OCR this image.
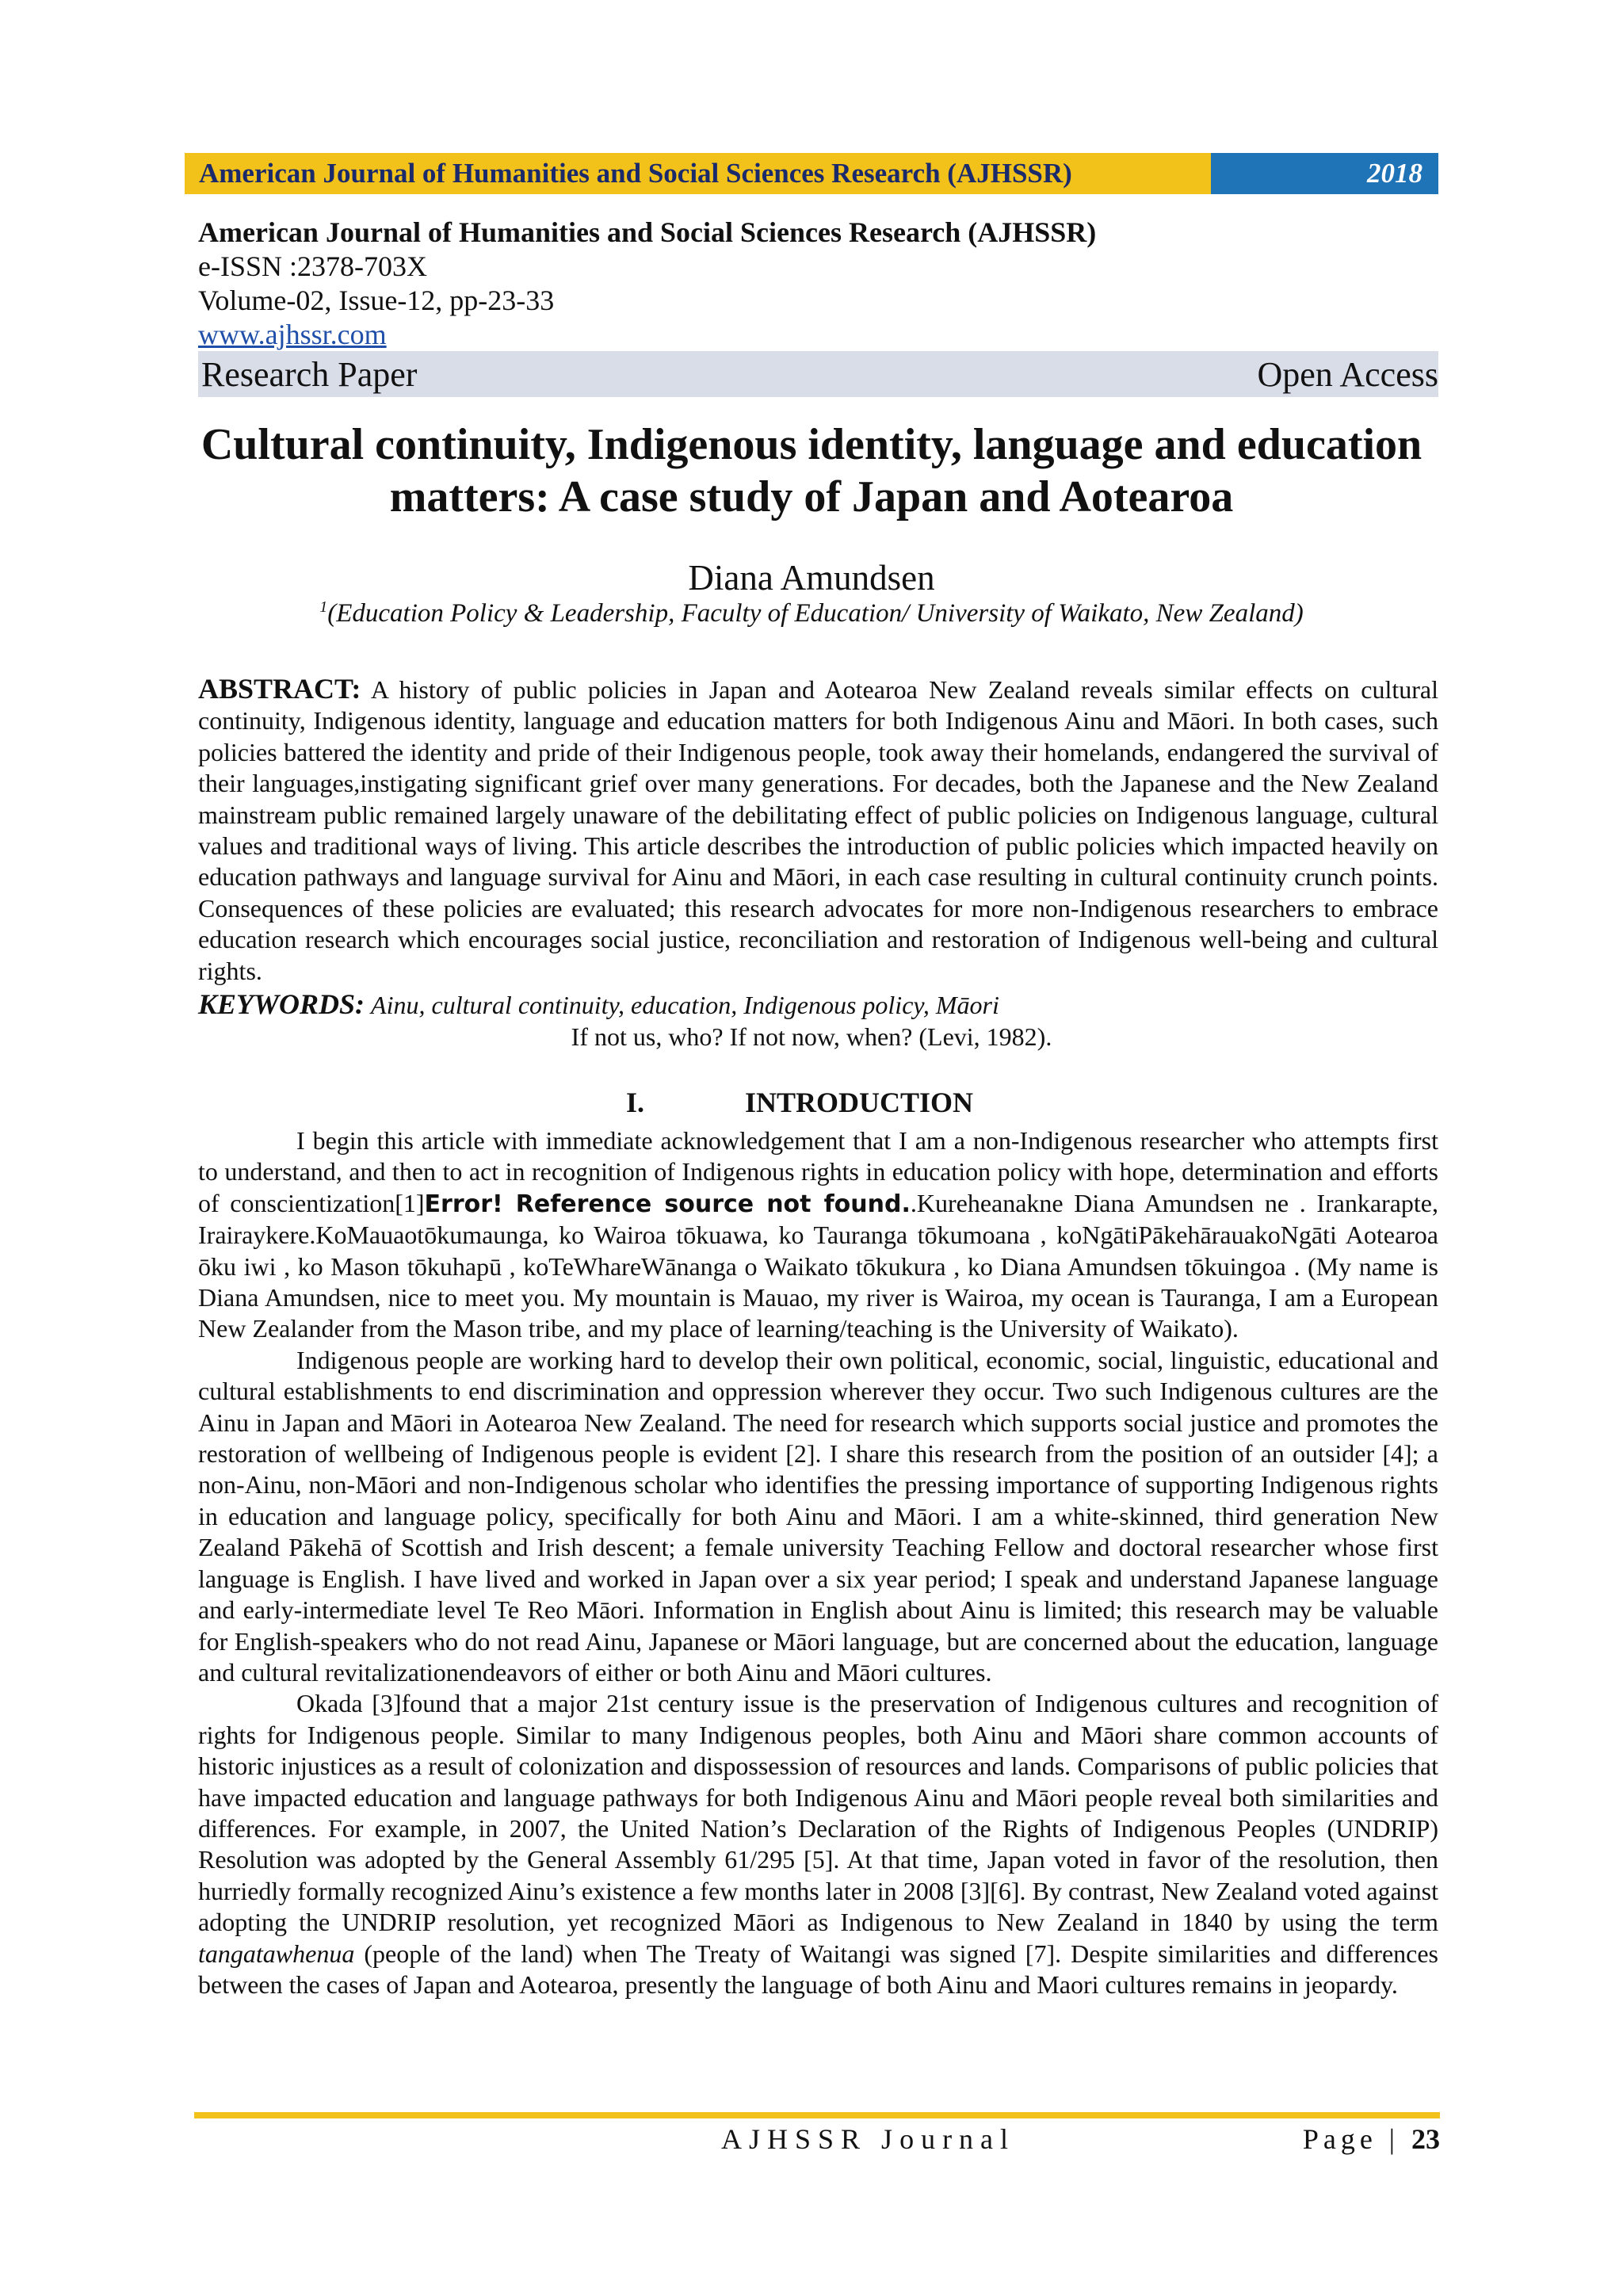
American Journal of Humanities and Social Sciences Research (AJHSSR)	2018
American Journal of Humanities and Social Sciences Research (AJHSSR)
e-ISSN :2378-703X
Volume-02, Issue-12, pp-23-33
www.ajhssr.com
Research Paper	Open Access
Cultural continuity, Indigenous identity, language and education
matters: A case study of Japan and Aotearoa
Diana Amundsen
$^1$(Education Policy & Leadership, Faculty of Education/ University of Waikato, New Zealand)
ABSTRACT: A history of public policies in Japan and Aotearoa New Zealand reveals similar effects on cultural continuity, Indigenous identity, language and education matters for both Indigenous Ainu and Māori. In both cases, such policies battered the identity and pride of their Indigenous people, took away their homelands, endangered the survival of their languages,instigating significant grief over many generations. For decades, both the Japanese and the New Zealand mainstream public remained largely unaware of the debilitating effect of public policies on Indigenous language, cultural values and traditional ways of living. This article describes the introduction of public policies which impacted heavily on education pathways and language survival for Ainu and Māori, in each case resulting in cultural continuity crunch points. Consequences of these policies are evaluated; this research advocates for more non-Indigenous researchers to embrace education research which encourages social justice, reconciliation and restoration of Indigenous well-being and cultural rights.
KEYWORDS: Ainu, cultural continuity, education, Indigenous policy, Māori
If not us, who? If not now, when? (Levi, 1982).
I.	INTRODUCTION

I begin this article with immediate acknowledgement that I am a non-Indigenous researcher who attempts first to understand, and then to act in recognition of Indigenous rights in education policy with hope, determination and efforts of conscientization[1]Error! Reference source not found..Kureheanakne Diana Amundsen ne . Irankarapte, Irairaykere.KoMauaotōkumaunga, ko Wairoa tōkuawa, ko Tauranga tōkumoana , koNgātiPākehārauakoNgāti Aotearoa ōku iwi , ko Mason tōkuhapū , koTeWhareWānanga o Waikato tōkukura , ko Diana Amundsen tōkuingoa . (My name is Diana Amundsen, nice to meet you. My mountain is Mauao, my river is Wairoa, my ocean is Tauranga, I am a European New Zealander from the Mason tribe, and my place of learning/teaching is the University of Waikato).

Indigenous people are working hard to develop their own political, economic, social, linguistic, educational and cultural establishments to end discrimination and oppression wherever they occur. Two such Indigenous cultures are the Ainu in Japan and Māori in Aotearoa New Zealand. The need for research which supports social justice and promotes the restoration of wellbeing of Indigenous people is evident [2]. I share this research from the position of an outsider [4]; a non-Ainu, non-Māori and non-Indigenous scholar who identifies the pressing importance of supporting Indigenous rights in education and language policy, specifically for both Ainu and Māori. I am a white-skinned, third generation New Zealand Pākehā of Scottish and Irish descent; a female university Teaching Fellow and doctoral researcher whose first language is English. I have lived and worked in Japan over a six year period; I speak and understand Japanese language and early-intermediate level Te Reo Māori. Information in English about Ainu is limited; this research may be valuable for English-speakers who do not read Ainu, Japanese or Māori language, but are concerned about the education, language and cultural revitalizationendeavors of either or both Ainu and Māori cultures.

Okada [3]found that a major 21st century issue is the preservation of Indigenous cultures and recognition of rights for Indigenous people. Similar to many Indigenous peoples, both Ainu and Māori share common accounts of historic injustices as a result of colonization and dispossession of resources and lands. Comparisons of public policies that have impacted education and language pathways for both Indigenous Ainu and Māori people reveal both similarities and differences. For example, in 2007, the United Nation’s Declaration of the Rights of Indigenous Peoples (UNDRIP) Resolution was adopted by the General Assembly 61/295 [5]. At that time, Japan voted in favor of the resolution, then hurriedly formally recognized Ainu’s existence a few months later in 2008 [3][6]. By contrast, New Zealand voted against adopting the UNDRIP resolution, yet recognized Māori as Indigenous to New Zealand in 1840 by using the term tangatawhenua (people of the land) when The Treaty of Waitangi was signed [7]. Despite similarities and differences between the cases of Japan and Aotearoa, presently the language of both Ainu and Maori cultures remains in jeopardy.

AJHSSR Journal	Page | 23
